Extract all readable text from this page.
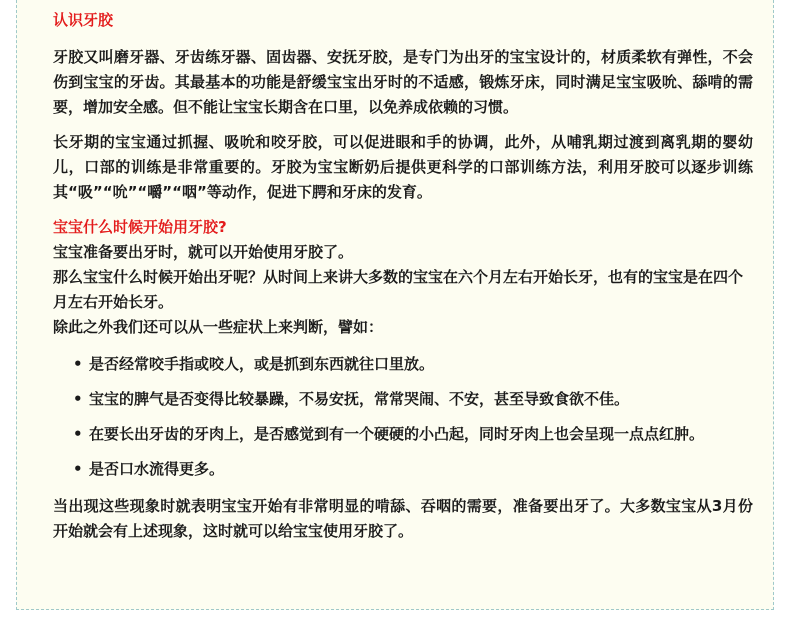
认识牙胶

牙胶又叫磨牙器、牙齿练牙器、固齿器、安抚牙胶，是专门为出牙的宝宝设计的，材质柔软有弹性，不会伤到宝宝的牙齿。其最基本的功能是舒缓宝宝出牙时的不适感，锻炼牙床，同时满足宝宝吸吮、舔啃的需要，增加安全感。但不能让宝宝长期含在口里，以免养成依赖的习惯。

长牙期的宝宝通过抓握、吸吮和咬牙胶，可以促进眼和手的协调，此外，从哺乳期过渡到离乳期的婴幼儿，口部的训练是非常重要的。牙胶为宝宝断奶后提供更科学的口部训练方法，利用牙胶可以逐步训练其“吸”“吮”“嚼”“咽”等动作，促进下腭和牙床的发育。

宝宝什么时候开始用牙胶?

宝宝准备要出牙时，就可以开始使用牙胶了。

那么宝宝什么时候开始出牙呢？从时间上来讲大多数的宝宝在六个月左右开始长牙，也有的宝宝是在四个月左右开始长牙。

除此之外我们还可以从一些症状上来判断，譬如：

• 是否经常咬手指或咬人，或是抓到东西就往口里放。
• 宝宝的脾气是否变得比较暴躁，不易安抚，常常哭闹、不安，甚至导致食欲不佳。
• 在要长出牙齿的牙肉上，是否感觉到有一个硬硬的小凸起，同时牙肉上也会呈现一点点红肿。
• 是否口水流得更多。

当出现这些现象时就表明宝宝开始有非常明显的啃舔、吞咽的需要，准备要出牙了。大多数宝宝从3月份开始就会有上述现象，这时就可以给宝宝使用牙胶了。
